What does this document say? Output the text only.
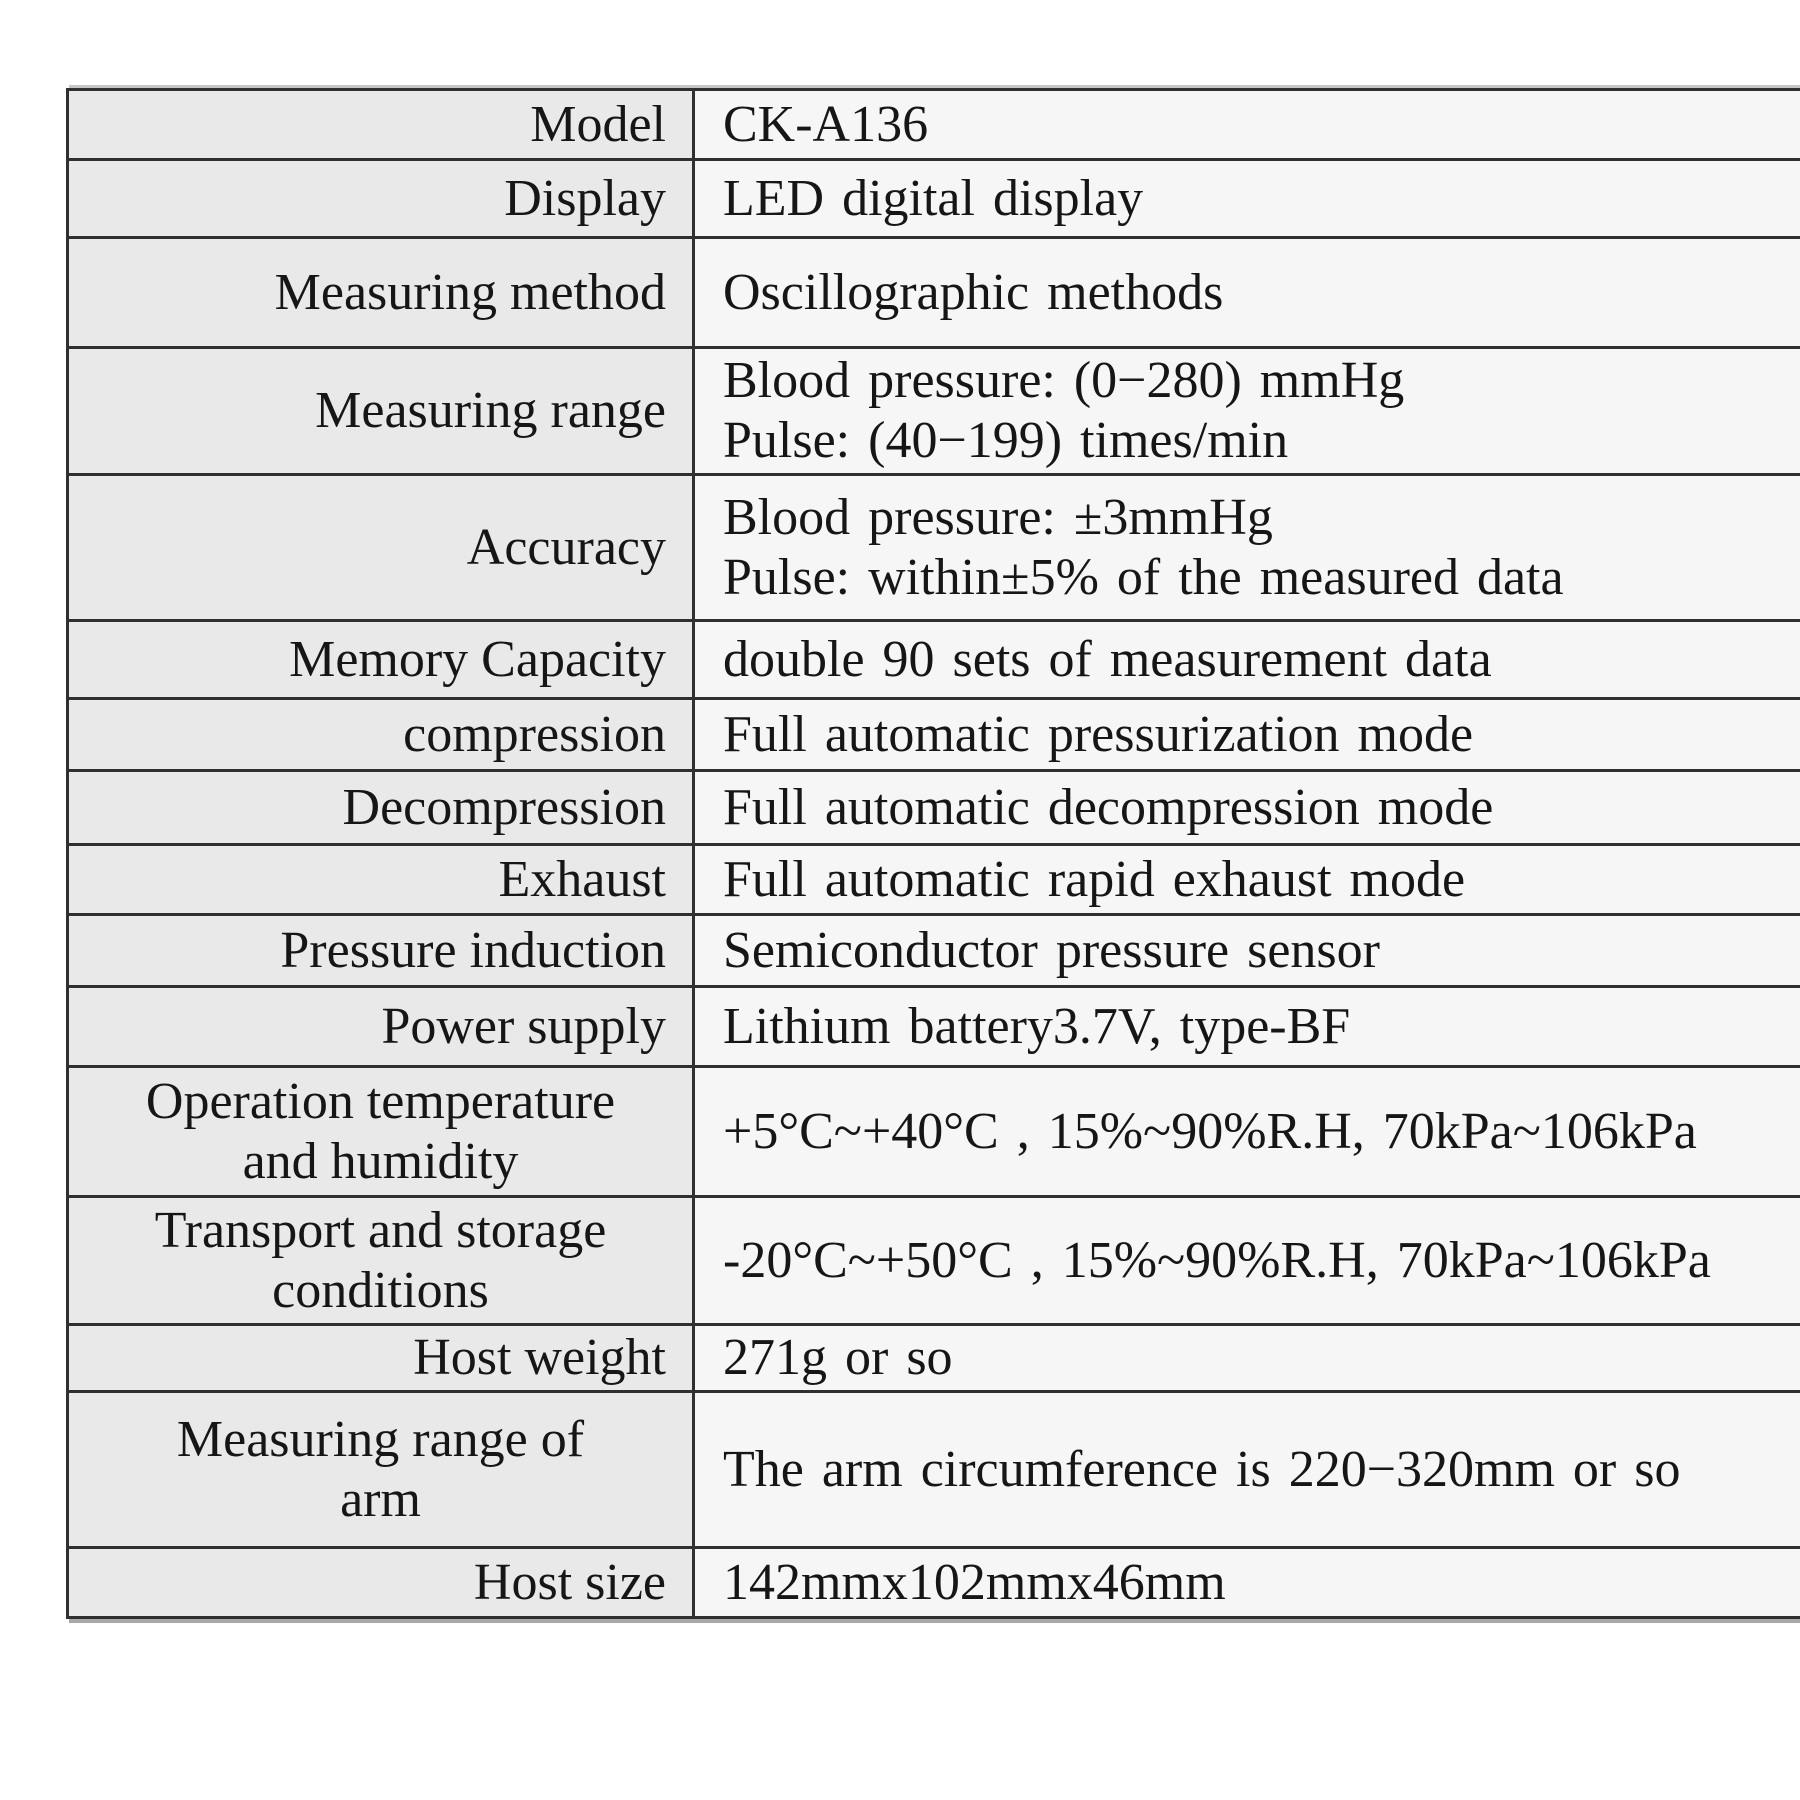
Model	CK-A136

Display	LED digital display

Measuring method	Oscillographic methods

Measuring range	Blood pressure: (0−280) mmHg
Pulse: (40−199) times/min

Accuracy	Blood pressure: ±3mmHg
Pulse: within±5% of the measured data

Memory Capacity	double 90 sets of measurement data

compression	Full automatic pressurization mode

Decompression	Full automatic decompression mode

Exhaust	Full automatic rapid exhaust mode

Pressure induction	Semiconductor pressure sensor

Power supply	Lithium battery3.7V, type-BF

Operation temperature
and humidity	+5°C~+40°C , 15%~90%R.H, 70kPa~106kPa

Transport and storage
conditions	-20°C~+50°C , 15%~90%R.H, 70kPa~106kPa

Host weight	271g or so

Measuring range of
arm	The arm circumference is 220−320mm or so

Host size	142mmx102mmx46mm
